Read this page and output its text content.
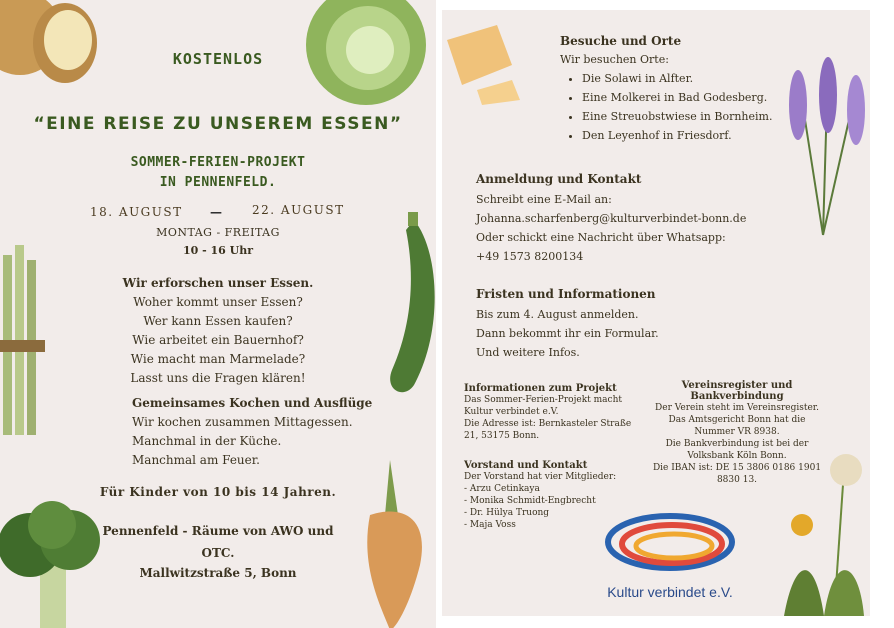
KOSTENLOS
“EINE REISE ZU UNSEREM ESSEN”
SOMMER-FERIEN-PROJEKT
IN PENNENFELD.
18. AUGUST — 22. AUGUST
MONTAG - FREITAG
10 - 16 Uhr
Wir erforschen unser Essen.
Woher kommt unser Essen?
Wer kann Essen kaufen?
Wie arbeitet ein Bauernhof?
Wie macht man Marmelade?
Lasst uns die Fragen klären!
Gemeinsames Kochen und Ausflüge
Wir kochen zusammen Mittagessen.
Manchmal in der Küche.
Manchmal am Feuer.
Für Kinder von 10 bis 14 Jahren.
Pennenfeld - Räume von AWO und
OTC.
Mallwitzstraße 5, Bonn
Besuche und Orte
Wir besuchen Orte:
• Die Solawi in Alfter.
• Eine Molkerei in Bad Godesberg.
• Eine Streuobstwiese in Bornheim.
• Den Leyenhof in Friesdorf.
Anmeldung und Kontakt
Schreibt eine E-Mail an:
Johanna.scharfenberg@kulturverbindet-bonn.de
Oder schickt eine Nachricht über Whatsapp:
+49 1573 8200134
Fristen und Informationen
Bis zum 4. August anmelden.
Dann bekommt ihr ein Formular.
Und weitere Infos.
Informationen zum Projekt
Das Sommer-Ferien-Projekt macht
Kultur verbindet e.V.
Die Adresse ist: Bernkasteler Straße
21, 53175 Bonn.
Vorstand und Kontakt
Der Vorstand hat vier Mitglieder:
- Arzu Cetinkaya
- Monika Schmidt-Engbrecht
- Dr. Hülya Truong
- Maja Voss
Vereinsregister und
Bankverbindung
Der Verein steht im Vereinsregister.
Das Amtsgericht Bonn hat die
Nummer VR 8938.
Die Bankverbindung ist bei der
Volksbank Köln Bonn.
Die IBAN ist: DE 15 3806 0186 1901
8830 13.
Kultur verbindet e.V.
